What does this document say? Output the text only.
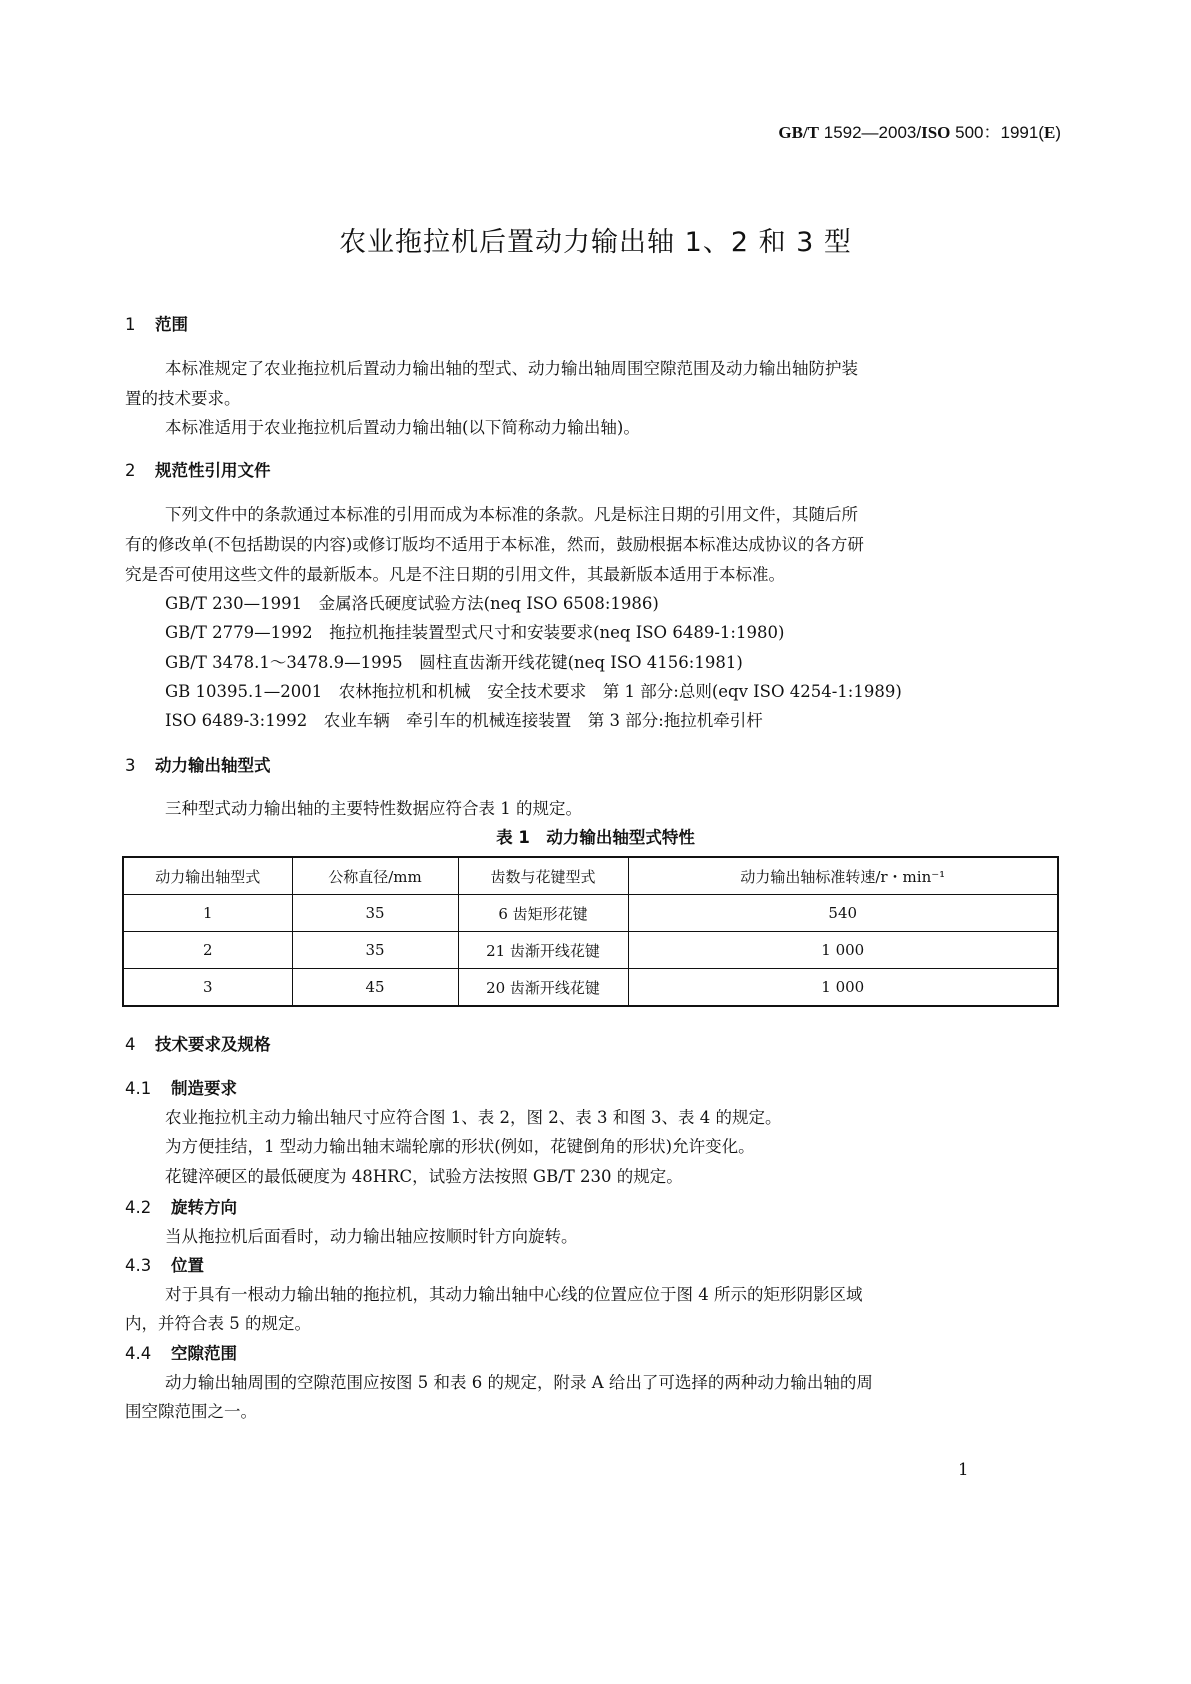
GB/T 1592—2003/ISO 500：1991(E)
农业拖拉机后置动力输出轴 1、2 和 3 型
1 范围
本标准规定了农业拖拉机后置动力输出轴的型式、动力输出轴周围空隙范围及动力输出轴防护装
置的技术要求。
本标准适用于农业拖拉机后置动力输出轴(以下简称动力输出轴)。
2 规范性引用文件
下列文件中的条款通过本标准的引用而成为本标准的条款。凡是标注日期的引用文件，其随后所
有的修改单(不包括勘误的内容)或修订版均不适用于本标准，然而，鼓励根据本标准达成协议的各方研
究是否可使用这些文件的最新版本。凡是不注日期的引用文件，其最新版本适用于本标准。
GB/T 230—1991　金属洛氏硬度试验方法(neq ISO 6508:1986)
GB/T 2779—1992　拖拉机拖挂装置型式尺寸和安装要求(neq ISO 6489-1:1980)
GB/T 3478.1～3478.9—1995　圆柱直齿渐开线花键(neq ISO 4156:1981)
GB 10395.1—2001　农林拖拉机和机械　安全技术要求　第 1 部分:总则(eqv ISO 4254-1:1989)
ISO 6489-3:1992　农业车辆　牵引车的机械连接装置　第 3 部分:拖拉机牵引杆
3 动力输出轴型式
三种型式动力输出轴的主要特性数据应符合表 1 的规定。
表 1　动力输出轴型式特性
动力输出轴型式	公称直径/mm	齿数与花键型式	动力输出轴标准转速/r・min⁻¹
1	35	6 齿矩形花键	540
2	35	21 齿渐开线花键	1 000
3	45	20 齿渐开线花键	1 000
4 技术要求及规格
4.1 制造要求
农业拖拉机主动力输出轴尺寸应符合图 1、表 2，图 2、表 3 和图 3、表 4 的规定。
为方便挂结，1 型动力输出轴末端轮廓的形状(例如，花键倒角的形状)允许变化。
花键淬硬区的最低硬度为 48HRC，试验方法按照 GB/T 230 的规定。
4.2 旋转方向
当从拖拉机后面看时，动力输出轴应按顺时针方向旋转。
4.3 位置
对于具有一根动力输出轴的拖拉机，其动力输出轴中心线的位置应位于图 4 所示的矩形阴影区域
内，并符合表 5 的规定。
4.4 空隙范围
动力输出轴周围的空隙范围应按图 5 和表 6 的规定，附录 A 给出了可选择的两种动力输出轴的周
围空隙范围之一。
1
